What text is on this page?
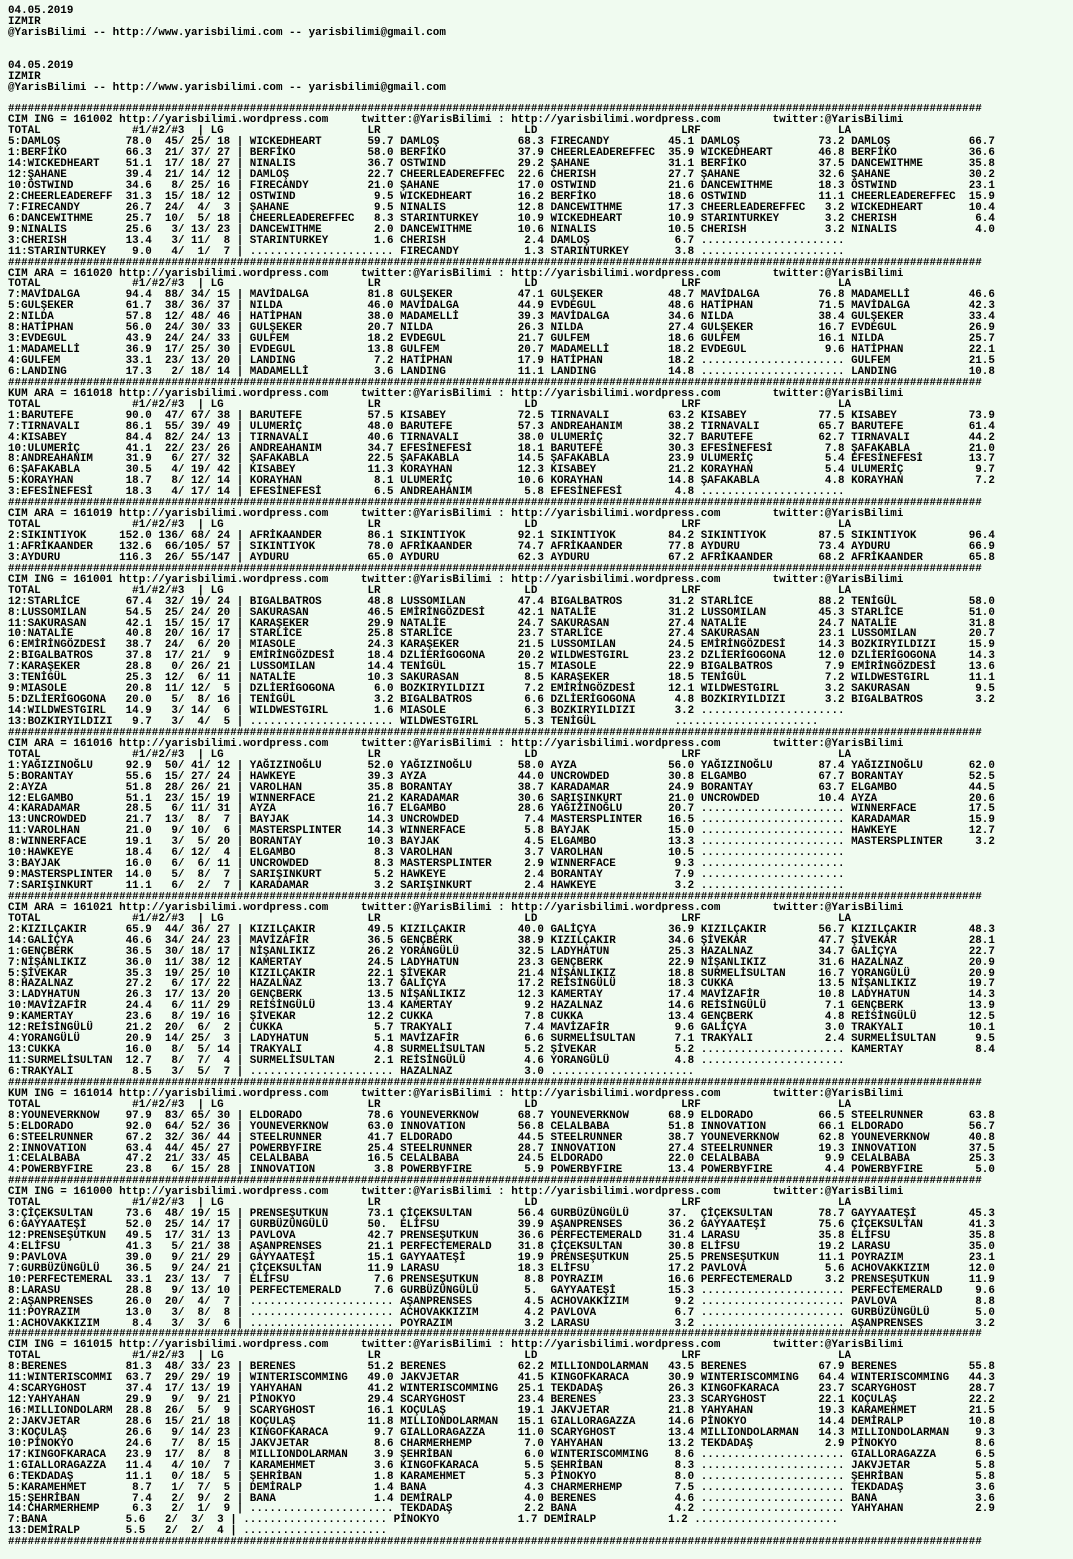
04.05.2019
IZMIR
@YarisBilimi -- http://www.yarisbilimi.com -- yarisbilimi@gmail.com

04.05.2019
IZMIR
@YarisBilimi -- http://www.yarisbilimi.com -- yarisbilimi@gmail.com

#####################################################################################################################################################
CIM ING = 161002 http://yarisbilimi.wordpress.com     twitter:@YarisBilimi : http://yarisbilimi.wordpress.com        twitter:@YarisBilimi
TOTAL              #1/#2/#3  | LG                      LR                      LD                      LRF                     LA
5:DAMLOŞ          78.0  45/ 25/ 18 | WICKEDHEART       59.7 DAMLOŞ            68.3 FIRECANDY         45.1 DAMLOŞ            73.2 DAMLOŞ            66.7
1:BERFİKO         66.3  21/ 37/ 27 | BERFİKO           58.0 BERFİKO           37.9 CHEERLEADEREFFEC  35.9 WICKEDHEART       46.8 BERFİKO           36.6
14:WICKEDHEART    51.1  17/ 18/ 27 | NINALIS           36.7 OSTWIND           29.2 ŞAHANE            31.1 BERFİKO           37.5 DANCEWITHME       35.8
12:ŞAHANE         39.4  21/ 14/ 12 | DAMLOŞ            22.7 CHEERLEADEREFFEC  22.6 CHERISH           27.7 ŞAHANE            32.6 ŞAHANE            30.2
10:ÖSTWIND        34.6   8/ 25/ 16 | FIRECANDY         21.0 ŞAHANE            17.0 OSTWIND           21.6 DANCEWITHME       18.3 ÖSTWIND           23.1
2:CHEERLEADEREFF  31.3  15/ 18/ 12 | OSTWIND            9.5 WICKEDHEART       16.2 BERFİKO           18.6 OSTWIND           11.1 CHEERLEADEREFFEC  15.9
7:FIRECANDY       26.7  24/  4/  3 | ŞAHANE             9.5 NINALIS           12.8 DANCEWITHME       17.3 CHEERLEADEREFFEC   3.2 WICKEDHEART       10.4
6:DANCEWITHME     25.7  10/  5/ 18 | CHEERLEADEREFFEC   8.3 STARINTURKEY      10.9 WICKEDHEART       10.9 STARINTURKEY       3.2 CHERISH            6.4
9:NINALIS         25.6   3/ 13/ 23 | DANCEWITHME        2.0 DANCEWITHME       10.6 NINALIS           10.5 CHERISH            3.2 NINALIS            4.0
3:CHERISH         13.4   3/ 11/  8 | STARINTURKEY       1.6 CHERISH            2.4 DAMLOŞ             6.7 ......................
11:STARINTURKEY    9.0   4/  1/  7 | ...................... FIRECANDY          1.3 STARINTURKEY       3.8 ......................
#####################################################################################################################################################
CIM ARA = 161020 http://yarisbilimi.wordpress.com     twitter:@YarisBilimi : http://yarisbilimi.wordpress.com        twitter:@YarisBilimi
TOTAL              #1/#2/#3  | LG                      LR                      LD                      LRF                     LA
7:MAVİDALGA       94.4  88/ 34/ 15 | MAVİDALGA         81.8 GULŞEKER          47.1 GULŞEKER          48.7 MAVİDALGA         76.8 MADAMELLİ         46.6
5:GULŞEKER        61.7  38/ 36/ 37 | NILDA             46.0 MAVİDALGA         44.9 EVDEGUL           48.6 HATİPHAN          71.5 MAVİDALGA         42.3
2:NILDA           57.8  12/ 48/ 46 | HATİPHAN          38.0 MADAMELLİ         39.3 MAVİDALGA         34.6 NILDA             38.4 GULŞEKER          33.4
8:HATİPHAN        56.0  24/ 30/ 33 | GULŞEKER          20.7 NILDA             26.3 NILDA             27.4 GULŞEKER          16.7 EVDEGUL           26.9
3:EVDEGUL         43.9  24/ 24/ 33 | GULFEM            18.2 EVDEGUL           21.7 GULFEM            18.6 GULFEM            16.1 NILDA             25.7
1:MADAMELLİ       36.9  17/ 25/ 30 | EVDEGUL           13.8 GULFEM            20.7 MADAMELLİ         18.2 EVDEGUL            9.6 HATİPHAN          22.1
4:GULFEM          33.1  23/ 13/ 20 | LANDING            7.2 HATİPHAN          17.9 HATİPHAN          18.2 ...................... GULFEM            21.5
6:LANDING         17.3   2/ 18/ 14 | MADAMELLİ          3.6 LANDING           11.1 LANDING           14.8 ...................... LANDING           10.8
#####################################################################################################################################################
KUM ARA = 161018 http://yarisbilimi.wordpress.com     twitter:@YarisBilimi : http://yarisbilimi.wordpress.com        twitter:@YarisBilimi
TOTAL              #1/#2/#3  | LG                      LR                      LD                      LRF                     LA
1:BARUTEFE        90.0  47/ 67/ 38 | BARUTEFE          57.5 KISABEY           72.5 TIRNAVALI         63.2 KISABEY           77.5 KISABEY           73.9
7:TIRNAVALI       86.1  55/ 39/ 49 | ULUMERİÇ          48.0 BARUTEFE          57.3 ANDREAHANIM       38.2 TIRNAVALI         65.7 BARUTEFE          61.4
4:KISABEY         84.4  82/ 24/ 13 | TIRNAVALI         40.6 TIRNAVALI         38.0 ULUMERİÇ          32.7 BARUTEFE          62.7 TIRNAVALI         44.2
10:ULUMERİÇ       41.1  22/ 23/ 26 | ANDREAHANIM       34.7 EFESİNEFESİ       18.1 BARUTEFE          30.3 EFESİNEFESİ        7.8 ŞAFAKABLA         21.0
8:ANDREAHANIM     31.9   6/ 27/ 32 | ŞAFAKABLA         22.5 ŞAFAKABLA         14.5 ŞAFAKABLA         23.9 ULUMERİÇ           5.4 EFESİNEFESİ       13.7
6:ŞAFAKABLA       30.5   4/ 19/ 42 | KISABEY           11.3 KORAYHAN          12.3 KISABEY           21.2 KORAYHAN           5.4 ULUMERİÇ           9.7
5:KORAYHAN        18.7   8/ 12/ 14 | KORAYHAN           8.1 ULUMERİÇ          10.6 KORAYHAN          14.8 ŞAFAKABLA          4.8 KORAYHAN           7.2
3:EFESİNEFESİ     18.3   4/ 17/ 14 | EFESİNEFESİ        6.5 ANDREAHANIM        5.8 EFESİNEFESİ        4.8 ......................
#####################################################################################################################################################
CIM ARA = 161019 http://yarisbilimi.wordpress.com     twitter:@YarisBilimi : http://yarisbilimi.wordpress.com        twitter:@YarisBilimi
TOTAL              #1/#2/#3  | LG                      LR                      LD                      LRF                     LA
2:SIKINTIYOK     152.0 136/ 68/ 24 | AFRİKAANDER       86.1 SIKINTIYOK        92.1 SIKINTIYOK        84.2 SIKINTIYOK        87.5 SIKINTIYOK        96.4
1:AFRİKAANDER    132.6  66/105/ 57 | SIKINTIYOK        78.0 AFRİKAANDER       74.7 AFRİKAANDER       77.8 AYDURU            73.4 AYDURU            66.9
3:AYDURU         116.3  26/ 55/147 | AYDURU            65.0 AYDURU            62.3 AYDURU            67.2 AFRİKAANDER       68.2 AFRİKAANDER       65.8
#####################################################################################################################################################
CIM ING = 161001 http://yarisbilimi.wordpress.com     twitter:@YarisBilimi : http://yarisbilimi.wordpress.com        twitter:@YarisBilimi
TOTAL              #1/#2/#3  | LG                      LR                      LD                      LRF                     LA
12:STARLİCE       67.4  32/ 19/ 24 | BIGALBATROS       48.8 LUSSOMILAN        47.4 BIGALBATROS       31.2 STARLİCE          88.2 TENİGÜL           58.0
8:LUSSOMILAN      54.5  25/ 24/ 20 | SAKURASAN         46.5 EMİRİNGÖZDESİ     42.1 NATALİE           31.2 LUSSOMILAN        45.3 STARLİCE          51.0
11:SAKURASAN      42.1  15/ 15/ 17 | KARAŞEKER         29.9 NATALİE           24.7 SAKURASAN         27.4 NATALİE           24.7 NATALİE           31.8
10:NATALİE        40.8  20/ 16/ 17 | STARLİCE          25.8 STARLİCE          23.7 STARLİCE          27.4 SAKURASAN         23.1 LUSSOMILAN        20.7
6:EMİRİNGÖZDESİ   38.7  24/  6/ 20 | MIASOLE           24.3 KARAŞEKER         21.5 LUSSOMILAN        24.5 EMİRİNGÖZDESİ     14.3 BOZKIRYILDIZI     15.9
2:BIGALBATROS     37.8  17/ 21/  9 | EMİRİNGÖZDESİ     18.4 DZLİERİGOGONA     20.2 WILDWESTGIRL      23.2 DZLİERİGOGONA     12.0 DZLİERİGOGONA     14.3
7:KARAŞEKER       28.8   0/ 26/ 21 | LUSSOMILAN        14.4 TENİGÜL           15.7 MIASOLE           22.9 BIGALBATROS        7.9 EMİRİNGÖZDESİ     13.6
3:TENİGÜL         25.3  12/  6/ 11 | NATALİE           10.3 SAKURASAN          8.5 KARAŞEKER         18.5 TENİGÜL            7.2 WILDWESTGIRL      11.1
9:MIASOLE         20.8  11/ 12/  5 | DZLİERİGOGONA      6.0 BOZKIRYILDIZI      7.2 EMİRİNGÖZDESİ     12.1 WILDWESTGIRL       3.2 SAKURASAN          9.5
5:DZLİERİGOGONA   20.0   5/  8/ 16 | TENİGÜL            3.2 BIGALBATROS        6.6 DZLİERİGOGONA      4.8 BOZKIRYILDIZI      3.2 BIGALBATROS        3.2
14:WILDWESTGIRL   14.9   3/ 14/  6 | WILDWESTGIRL       1.6 MIASOLE            6.3 BOZKIRYILDIZI      3.2 ......................
13:BOZKIRYILDIZI   9.7   3/  4/  5 | ...................... WILDWESTGIRL       5.3 TENİGÜL            ......................
#####################################################################################################################################################
CIM ARA = 161016 http://yarisbilimi.wordpress.com     twitter:@YarisBilimi : http://yarisbilimi.wordpress.com        twitter:@YarisBilimi
TOTAL              #1/#2/#3  | LG                      LR                      LD                      LRF                     LA
1:YAĞIZINOĞLU     92.9  50/ 41/ 12 | YAĞIZINOĞLU       52.0 YAĞIZINOĞLU       58.0 AYZA              56.0 YAĞIZINOĞLU       87.4 YAĞIZINOĞLU       62.0
5:BORANTAY        55.6  15/ 27/ 24 | HAWKEYE           39.3 AYZA              44.0 UNCROWDED         30.8 ELGAMBO           67.7 BORANTAY          52.5
2:AYZA            51.8  28/ 26/ 21 | VAROLHAN          35.8 BORANTAY          38.7 KARADAMAR         24.9 BORANTAY          63.7 ELGAMBO           44.5
12:ELGAMBO        51.1  23/ 15/ 19 | WINNERFACE        21.2 KARADAMAR         30.6 SARIŞINKURT       21.0 UNCROWDED         10.4 AYZA              20.6
4:KARADAMAR       28.5   6/ 11/ 31 | AYZA              16.7 ELGAMBO           28.6 YAĞIZINOĞLU       20.7 ...................... WINNERFACE        17.5
13:UNCROWDED      21.7  13/  8/  7 | BAYJAK            14.3 UNCROWDED          7.4 MASTERSPLINTER    16.5 ...................... KARADAMAR         15.9
11:VAROLHAN       21.0   9/ 10/  6 | MASTERSPLINTER    14.3 WINNERFACE         5.8 BAYJAK            15.0 ...................... HAWKEYE           12.7
8:WINNERFACE      19.1   3/  5/ 20 | BORANTAY          10.3 BAYJAK             4.5 ELGAMBO           13.3 ...................... MASTERSPLINTER     3.2
10:HAWKEYE        18.4   6/ 12/  4 | ELGAMBO            8.3 VAROLHAN           3.7 VAROLHAN          10.5 ......................
3:BAYJAK          16.0   6/  6/ 11 | UNCROWDED          8.3 MASTERSPLINTER     2.9 WINNERFACE         9.3 ......................
9:MASTERSPLINTER  14.0   5/  8/  7 | SARIŞINKURT        5.2 HAWKEYE            2.4 BORANTAY           7.9 ......................
7:SARIŞINKURT     11.1   6/  2/  7 | KARADAMAR          3.2 SARIŞINKURT        2.4 HAWKEYE            3.2 ......................
#####################################################################################################################################################
CIM ARA = 161021 http://yarisbilimi.wordpress.com     twitter:@YarisBilimi : http://yarisbilimi.wordpress.com        twitter:@YarisBilimi
TOTAL              #1/#2/#3  | LG                      LR                      LD                      LRF                     LA
2:KIZILÇAKIR      65.9  44/ 36/ 27 | KIZILÇAKIR        49.5 KIZILÇAKIR        40.0 GALİÇYA           36.9 KIZILÇAKIR        56.7 KIZILÇAKIR        48.3
14:GALİÇYA        46.6  34/ 24/ 23 | MAVİZAFİR         36.5 GENÇBERK          38.9 KIZILÇAKIR        34.6 ŞİVEKAR           47.7 ŞİVEKAR           28.1
1:GENÇBERK        36.5  30/ 18/ 17 | NİŞANLIKIZ        26.2 YORANGÜLÜ         32.5 LADYHATUN         25.3 HAZALNAZ          34.7 GALİÇYA           22.7
7:NİŞANLIKIZ      36.0  11/ 38/ 12 | KAMERTAY          24.5 LADYHATUN         23.3 GENÇBERK          22.9 NİŞANLIKIZ        31.6 HAZALNAZ          20.9
5:ŞİVEKAR         35.3  19/ 25/ 10 | KIZILÇAKIR        22.1 ŞİVEKAR           21.4 NİŞANLIKIZ        18.8 SURMELİSULTAN     16.7 YORANGÜLÜ         20.9
8:HAZALNAZ        27.2   6/ 17/ 22 | HAZALNAZ          13.7 GALİÇYA           17.2 REİSİNGÜLÜ        18.3 CUKKA             13.5 NİŞANLIKIZ        19.7
3:LADYHATUN       26.3  17/ 13/ 20 | GENÇBERK          13.5 NİŞANLIKIZ        12.3 KAMERTAY          17.4 MAVİZAFİR         10.8 LADYHATUN         14.3
10:MAVİZAFİR      24.4   6/ 11/ 29 | REİSİNGÜLÜ        13.4 KAMERTAY           9.2 HAZALNAZ          14.6 REİSİNGÜLÜ         7.1 GENÇBERK          13.9
9:KAMERTAY        23.6   8/ 19/ 16 | ŞİVEKAR           12.2 CUKKA              7.8 CUKKA             13.4 GENÇBERK           4.8 REİSİNGÜLÜ        12.5
12:REİSİNGÜLÜ     21.2  20/  6/  2 | CUKKA              5.7 TRAKYALI           7.4 MAVİZAFİR          9.6 GALİÇYA            3.0 TRAKYALI          10.1
4:YORANGÜLÜ       20.9  14/ 25/  3 | LADYHATUN          5.1 MAVİZAFİR          6.6 SURMELİSULTAN      7.1 TRAKYALI           2.4 SURMELİSULTAN      9.5
13:CUKKA          16.0   8/  5/ 14 | TRAKYALI           4.8 SURMELİSULTAN      5.2 ŞİVEKAR            5.2 ...................... KAMERTAY           8.4
11:SURMELİSULTAN  12.7   8/  7/  4 | SURMELİSULTAN      2.1 REİSİNGÜLÜ         4.6 YORANGÜLÜ          4.8 ......................
6:TRAKYALI         8.5   3/  5/  7 | ...................... HAZALNAZ           3.0 ......................
#####################################################################################################################################################
KUM ING = 161014 http://yarisbilimi.wordpress.com     twitter:@YarisBilimi : http://yarisbilimi.wordpress.com        twitter:@YarisBilimi
TOTAL              #1/#2/#3  | LG                      LR                      LD                      LRF                     LA
8:YOUNEVERKNOW    97.9  83/ 65/ 30 | ELDORADO          78.6 YOUNEVERKNOW      68.7 YOUNEVERKNOW      68.9 ELDORADO          66.5 STEELRUNNER       63.8
5:ELDORADO        92.0  64/ 52/ 36 | YOUNEVERKNOW      63.0 INNOVATION        56.8 CELALBABA         51.8 INNOVATION        66.1 ELDORADO          56.7
6:STEELRUNNER     67.2  32/ 36/ 44 | STEELRUNNER       41.7 ELDORADO          44.5 STEELRUNNER       38.7 YOUNEVERKNOW      62.8 YOUNEVERKNOW      40.8
2:INNOVATION      63.4  44/ 45/ 27 | POWERBYFIRE       25.4 STEELRUNNER       28.7 INNOVATION        27.4 STEELRUNNER       19.3 INNOVATION        37.5
1:CELALBABA       47.2  21/ 33/ 45 | CELALBABA         16.5 CELALBABA         24.5 ELDORADO          22.0 CELALBABA          9.9 CELALBABA         25.3
4:POWERBYFIRE     23.8   6/ 15/ 28 | INNOVATION         3.8 POWERBYFIRE        5.9 POWERBYFIRE       13.4 POWERBYFIRE        4.4 POWERBYFIRE        5.0
#####################################################################################################################################################
CIM ING = 161000 http://yarisbilimi.wordpress.com     twitter:@YarisBilimi : http://yarisbilimi.wordpress.com        twitter:@YarisBilimi
TOTAL              #1/#2/#3  | LG                      LR                      LD                      LRF                     LA
3:ÇİÇEKSULTAN     73.6  48/ 19/ 15 | PRENSEŞUTKUN      73.1 ÇİÇEKSULTAN       56.4 GURBÜZÜNGÜLÜ      37.  ÇİÇEKSULTAN       78.7 GAYYAATEŞİ        45.3
6:GAYYAATEŞİ      52.0  25/ 14/ 17 | GURBÜZÜNGÜLÜ      50.  ELİFSU            39.9 AŞANPRENSES       36.2 GAYYAATEŞİ        75.6 ÇİÇEKSULTAN       41.3
12:PRENSEŞUTKUN   49.5  17/ 31/ 13 | PAVLOVA           42.7 PRENSEŞUTKUN      36.6 PERFECTEMERALD    31.4 LARASU            35.8 ELİFSU            35.8
4:ELİFSU          41.3   5/ 21/ 38 | AŞANPRENSES       21.1 PERFECTEMERALD    31.8 ÇİÇEKSULTAN       30.8 ELİFSU            19.2 LARASU            35.0
9:PAVLOVA         39.0   9/ 21/ 29 | GAYYAATEŞİ        15.1 GAYYAATEŞİ        19.9 PRENSEŞUTKUN      25.5 PRENSEŞUTKUN      11.1 POYRAZIM          23.1
7:GURBÜZÜNGÜLÜ    36.5   9/ 24/ 21 | ÇİÇEKSULTAN       11.9 LARASU            18.3 ELİFSU            17.2 PAVLOVA            5.6 ACHOVAKKIZIM      12.0
10:PERFECTEMERAL  33.1  23/ 13/  7 | ELİFSU             7.6 PRENSEŞUTKUN       8.8 POYRAZIM          16.6 PERFECTEMERALD     3.2 PRENSEŞUTKUN      11.9
8:LARASU          28.8   9/ 13/ 10 | PERFECTEMERALD     7.6 GURBÜZÜNGÜLÜ       5.  GAYYAATEŞİ        15.3 ...................... PERFECTEMERALD     9.6
2:AŞANPRENSES     26.0  20/  4/  7 | ...................... AŞANPRENSES        4.5 ACHOVAKKIZIM       9.2 ...................... PAVLOVA            8.8
11:POYRAZIM       13.0   3/  8/  8 | ...................... ACHOVAKKIZIM       4.2 PAVLOVA            6.7 ...................... GURBÜZÜNGÜLÜ       5.0
1:ACHOVAKKIZIM     8.4   3/  3/  6 | ...................... POYRAZIM           3.2 LARASU             3.2 ...................... AŞANPRENSES        3.2
#####################################################################################################################################################
CIM ING = 161015 http://yarisbilimi.wordpress.com     twitter:@YarisBilimi : http://yarisbilimi.wordpress.com        twitter:@YarisBilimi
TOTAL              #1/#2/#3  | LG                      LR                      LD                      LRF                     LA
8:BERENES         81.3  48/ 33/ 23 | BERENES           51.2 BERENES           62.2 MILLIONDOLARMAN   43.5 BERENES           67.9 BERENES           55.8
11:WINTERISCOMMI  63.7  29/ 29/ 19 | WINTERISCOMMING   49.0 JAKVJETAR         41.5 KINGOFKARACA      30.9 WINTERISCOMMING   64.4 WINTERISCOMMING   44.3
4:SCARYGHOST      37.4  17/ 13/ 19 | YAHYAHAN          41.2 WINTERISCOMMING   25.1 TEKDADAŞ          26.3 KINGOFKARACA      23.7 SCARYGHOST        28.7
12:YAHYAHAN       29.9   9/  9/ 21 | PİNOKYO           29.4 SCARYGHOST        23.4 BERENES           23.3 SCARYGHOST        22.1 KOÇULAŞ           22.2
16:MILLIONDOLARM  28.8  26/  5/  9 | SCARYGHOST        16.1 KOÇULAŞ           19.1 JAKVJETAR         21.8 YAHYAHAN          19.3 KARAMEHMET        21.5
2:JAKVJETAR       28.6  15/ 21/ 18 | KOÇULAŞ           11.8 MILLIONDOLARMAN   15.1 GIALLORAGAZZA     14.6 PİNOKYO           14.4 DEMİRALP          10.8
3:KOÇULAŞ         26.6   9/ 14/ 23 | KINGOFKARACA       9.7 GIALLORAGAZZA     11.0 SCARYGHOST        13.4 MILLIONDOLARMAN   14.3 MILLIONDOLARMAN    9.3
10:PİNOKYO        24.6   7/  8/ 15 | JAKVJETAR          8.6 CHARMERHEMP        7.0 YAHYAHAN          13.2 TEKDADAŞ           2.9 PİNOKYO            8.6
17:KINGOFKARACA   23.9  17/  8/  8 | MILLIONDOLARMAN    3.9 ŞEHRİBAN           6.0 WINTERISCOMMING    8.6 ...................... GIALLORAGAZZA      6.5
1:GIALLORAGAZZA   11.4   4/ 10/  7 | KARAMEHMET         3.6 KINGOFKARACA       5.5 ŞEHRİBAN           8.3 ...................... JAKVJETAR          5.8
6:TEKDADAŞ        11.1   0/ 18/  5 | ŞEHRİBAN           1.8 KARAMEHMET         5.3 PİNOKYO            8.0 ...................... ŞEHRİBAN           5.8
5:KARAMEHMET       8.7   1/  7/  5 | DEMİRALP           1.4 BANA               4.3 CHARMERHEMP        7.5 ...................... TEKDADAŞ           3.6
15:ŞEHRİBAN        7.4   2/  9/  2 | BANA               1.4 DEMİRALP           4.0 BERENES            4.6 ...................... BANA               3.6
14:CHARMERHEMP     6.3   2/  1/  9 | ...................... TEKDADAŞ           2.2 BANA               4.2 ...................... YAHYAHAN           2.9
7:BANA            5.6   2/  3/  3 | ...................... PİNOKYO            1.7 DEMİRALP           1.2 ......................
13:DEMİRALP       5.5   2/  2/  4 | ......................
#####################################################################################################################################################
